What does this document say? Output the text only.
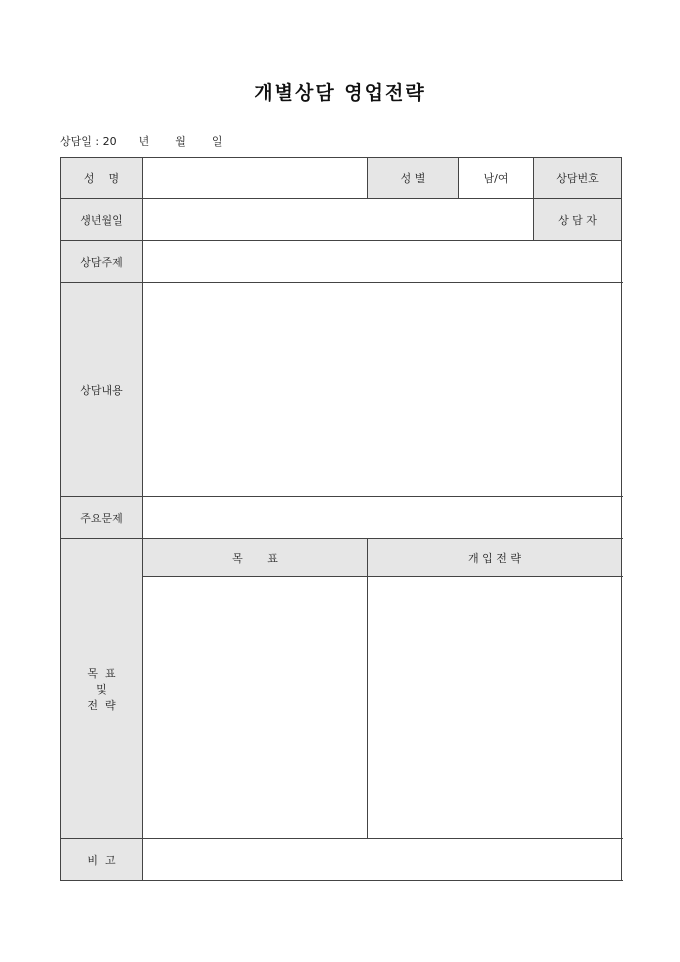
개별상담 영업전략
상담일 : 20 년 월 일
성    명		성 별	남/여	상담번호	
생년월일				상 담 자	
상담주제					
상담내용					
주요문제					

목  표
및
전  략	목       표	개 입 전 략			

비  고					
